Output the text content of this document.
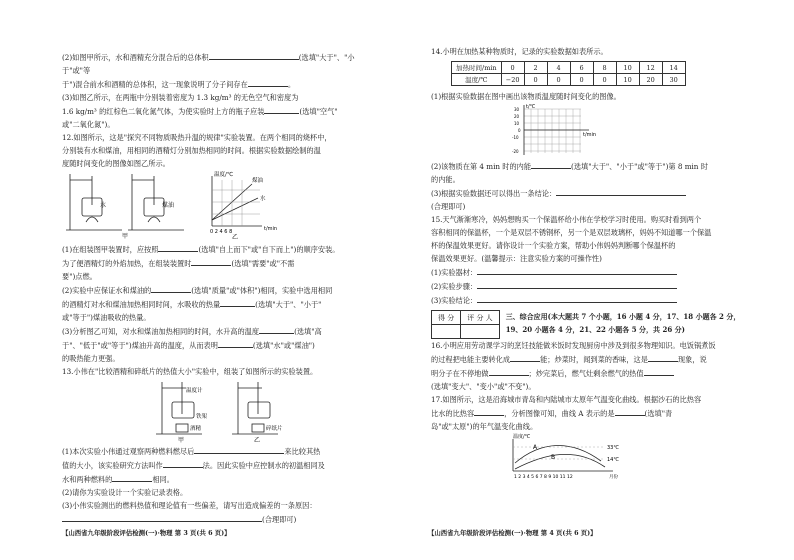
(2)如图甲所示，水和酒精充分混合后的总体积	(选填"大于"、"小于"或"等

于")混合前水和酒精的总体积，这一现象说明了分子间存在	。

(3)如图乙所示，在两瓶中分别装着密度为 1.3 kg/m³ 的无色空气和密度为

1.6 kg/m³ 的红棕色二氧化氮气体，为使实验时上方的瓶子应装	(选填"空气"

或"二氧化氮")。

12.如图所示，这是"探究不同物质吸热升温的规律"实验装置。在两个相同的烧杯中，

分别装有水和煤油，用相同的酒精灯分别加热相同的时间。根据实验数据绘制的温

度随时间变化的图像如图乙所示。

水	煤油
甲
温度/℃
煤油
水
0 2 4 6 8	t/min
乙

(1)在组装图甲装置时，应按照	(选填"自上而下"或"自下而上")的顺序安装。

为了便酒精灯的外焰加热，在组装装置时	(选填"需要"或"不需

要")点燃。

(2)实验中应保证水和煤油的	(选填"质量"或"体积")相同，实验中选用相同

的酒精灯对水和煤油加热相同时间，水吸收的热量	(选填"大于"、"小于"

或"等于")煤油吸收的热量。

(3)分析图乙可知，对水和煤油加热相同的时间，水升高的温度	(选填"高

于"、"低于"或"等于")煤油升高的温度，从而表明	(选填"水"或"煤油")

的吸热能力更强。

13.小伟在"比较酒精和碎纸片的热值大小"实验中，组装了如图所示的实验装置。

温度计
铁架
酒精	碎纸片
甲	乙

(1)本次实验小伟通过观察两种燃料燃尽后	来比较其热

值的大小，该实验研究方法叫作	法。因此实验中应控制水的初温相同及

水和两种燃料的	相同。

(2)请你为实验设计一个实验记录表格。

(3)小伟实验测出的燃料热值和理论值有一些偏差，请写出造成偏差的一条原因：

(合理即可)

【山西省九年级阶段评估检测(一)·物理 第 3 页(共 6 页)】

14.小明在加热某种物质时，记录的实验数据如表所示。

加热时间/min	0	2	4	6	8	10	12	14
温度/℃	−20	0	0	0	0	10	20	30

(1)根据实验数据在图中画出该物质温度随时间变化的图像。

t/℃
t/min
30
20
10
0
-10
-20

(2)该物质在第 4 min 时的内能	(选填"大于"、"小于"或"等于")第 8 min 时

的内能。

(3)根据实验数据还可以得出一条结论：

(合理即可)

15.天气渐渐寒冷，妈妈想购买一个保温杯给小伟在学校学习时使用。购买时看到两个

容积相同的保温杯，一个是双层不锈钢杯，另一个是双层玻璃杯，妈妈不知道哪一个保温

杯的保温效果更好。请你设计一个实验方案，帮助小伟妈妈判断哪个保温杯的

保温效果更好。(温馨提示：注意实验方案的可操作性)

(1)实验器材：

(2)实验步骤：

(3)实验结论：

得 分	评 分 人
	三、综合应用(本大题共 7 个小题，16 小题 4 分，17、18 小题各 2 分，
19、20 小题各 4 分，21、22 小题各 5 分，共 26 分)

16.小明应用劳动课学习的烹饪技能做米饭时发现厨房中涉及到很多物理知识。电饭锅煮饭

的过程把电能主要转化成	能；炒菜时，闻到菜的香味，这是	现象，说

明分子在不停地做	；炒完菜后，燃气灶剩余燃气的热值

(选填"变大"、"变小"或"不变")。

17.如图所示，这是沿海城市青岛和内陆城市太原年气温变化曲线。根据沙石的比热容

比水的比热容	，分析图像可知，曲线 A 表示的是	(选填"青

岛"或"太原")的年气温变化曲线。

温度/℃
33℃
14℃
A
B
1 2 3 4 5 6 7 8 9 10 11 12	月份
【山西省九年级阶段评估检测(一)·物理 第 4 页(共 6 页)】
